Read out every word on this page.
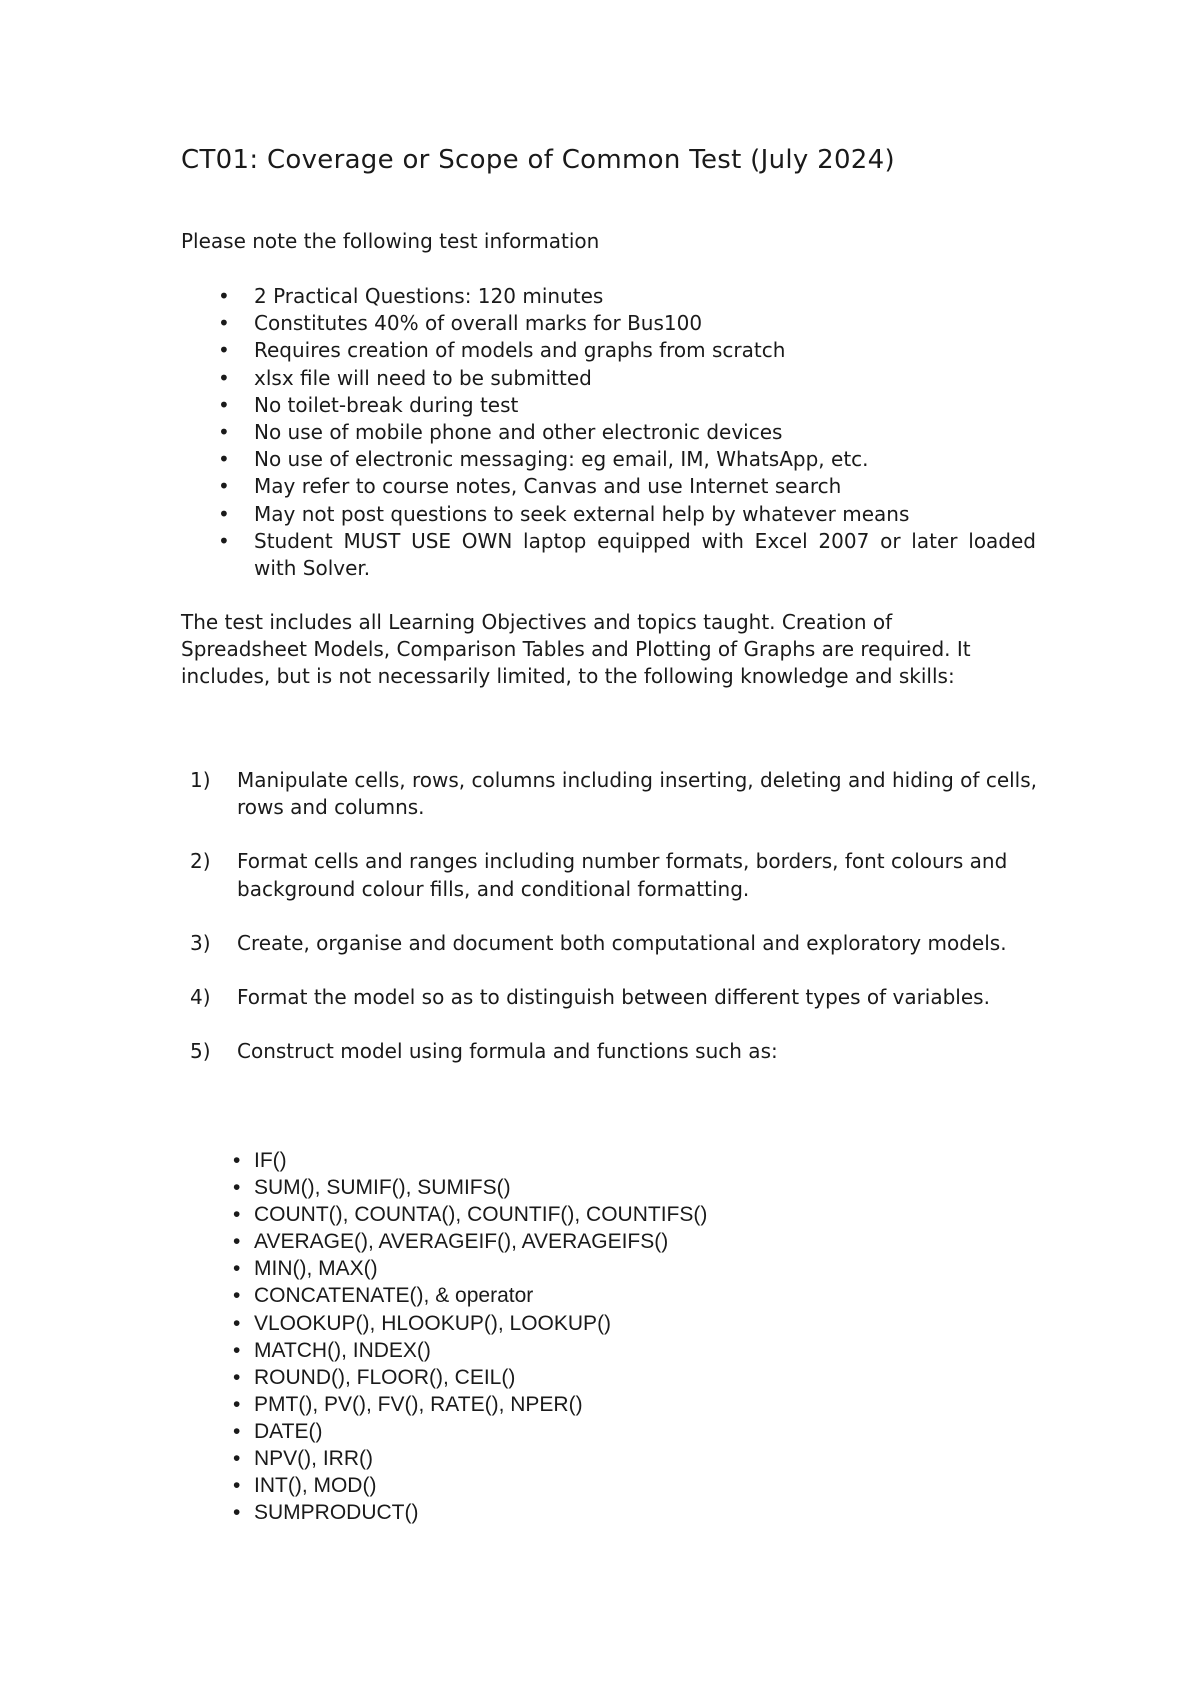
CT01: Coverage or Scope of Common Test (July 2024)

Please note the following test information

• 2 Practical Questions: 120 minutes
• Constitutes 40% of overall marks for Bus100
• Requires creation of models and graphs from scratch
• xlsx file will need to be submitted
• No toilet-break during test
• No use of mobile phone and other electronic devices
• No use of electronic messaging: eg email, IM, WhatsApp, etc.
• May refer to course notes, Canvas and use Internet search
• May not post questions to seek external help by whatever means
• Student MUST USE OWN laptop equipped with Excel 2007 or later loaded with Solver.

The test includes all Learning Objectives and topics taught. Creation of Spreadsheet Models, Comparison Tables and Plotting of Graphs are required. It includes, but is not necessarily limited, to the following knowledge and skills:

1) Manipulate cells, rows, columns including inserting, deleting and hiding of cells, rows and columns.
2) Format cells and ranges including number formats, borders, font colours and background colour fills, and conditional formatting.
3) Create, organise and document both computational and exploratory models.
4) Format the model so as to distinguish between different types of variables.
5) Construct model using formula and functions such as:
• IF()
• SUM(), SUMIF(), SUMIFS()
• COUNT(), COUNTA(), COUNTIF(), COUNTIFS()
• AVERAGE(), AVERAGEIF(), AVERAGEIFS()
• MIN(), MAX()
• CONCATENATE(), & operator
• VLOOKUP(), HLOOKUP(), LOOKUP()
• MATCH(), INDEX()
• ROUND(), FLOOR(), CEIL()
• PMT(), PV(), FV(), RATE(), NPER()
• DATE()
• NPV(), IRR()
• INT(), MOD()
• SUMPRODUCT()
